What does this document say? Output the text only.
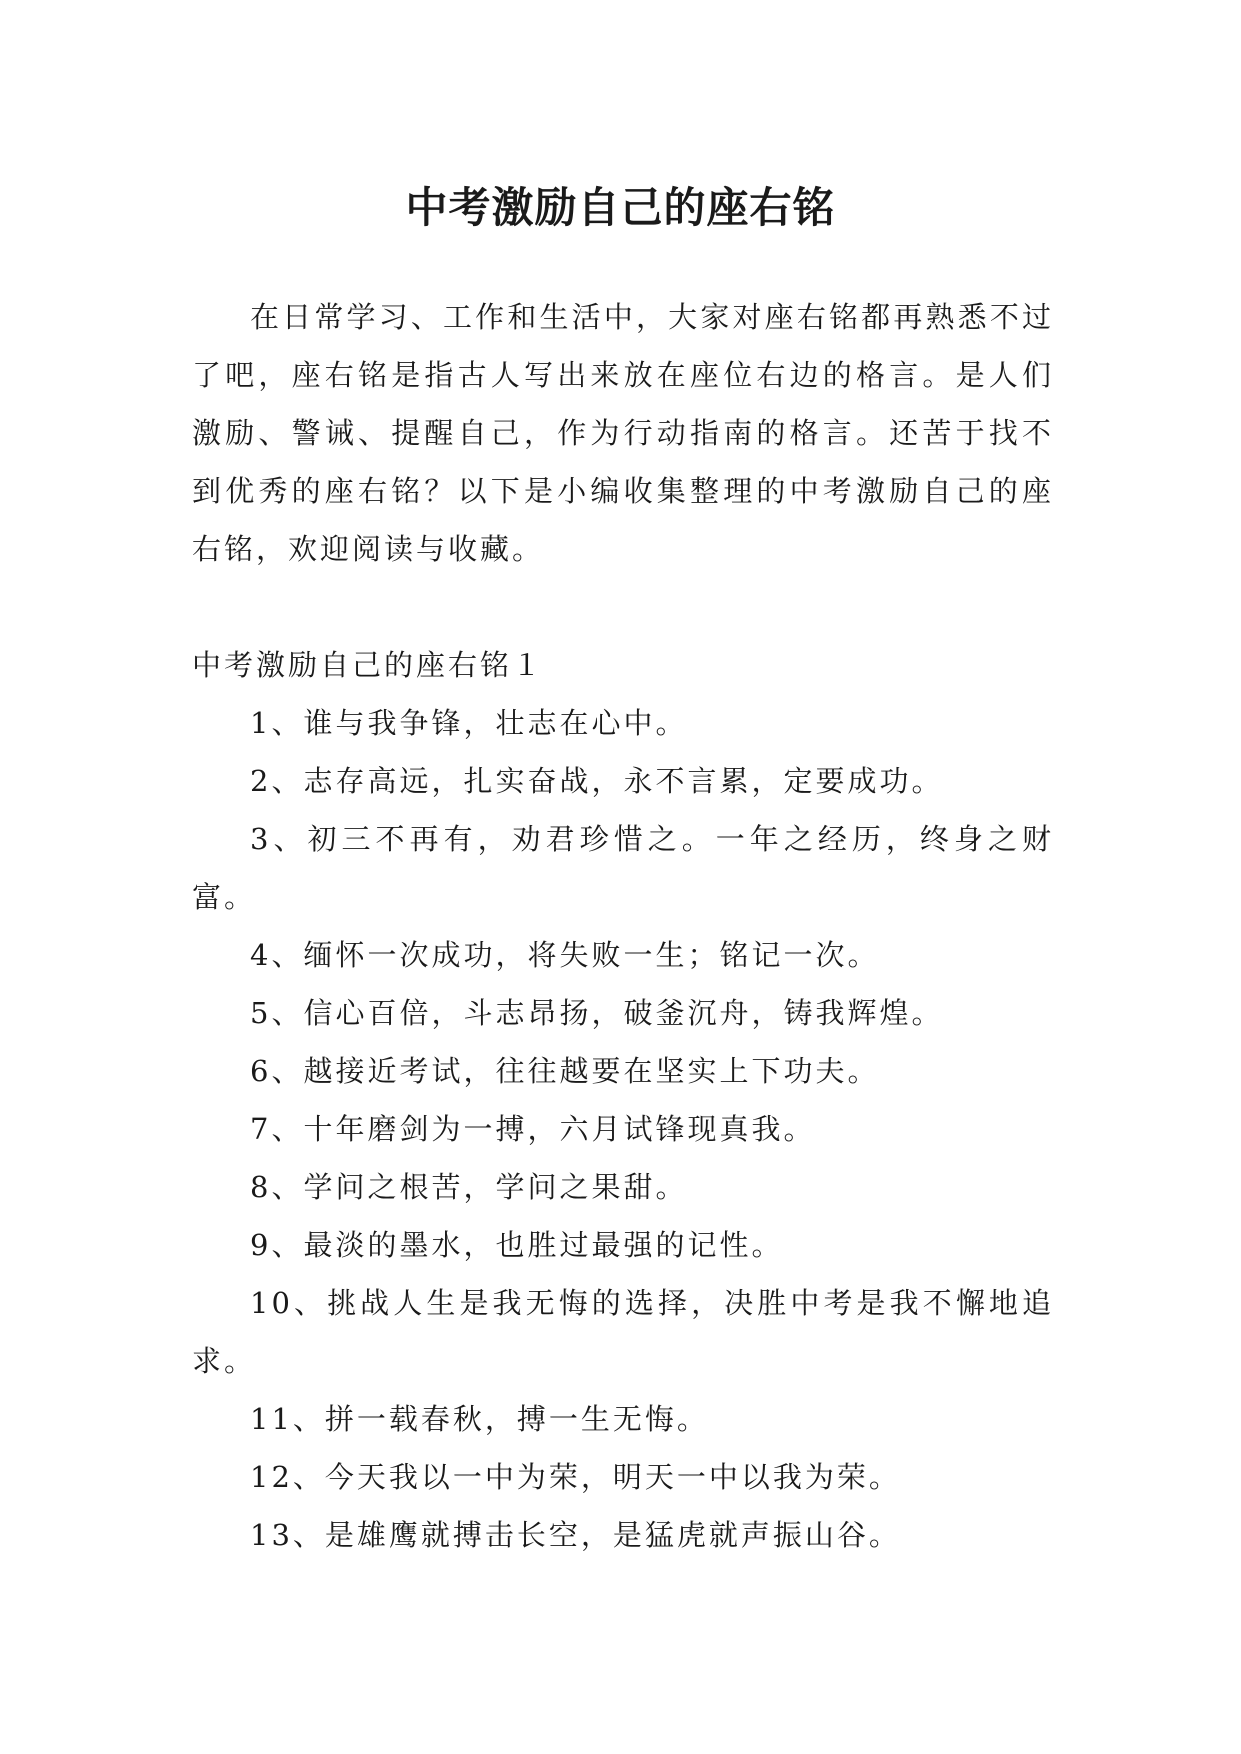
中考激励自己的座右铭

在日常学习、工作和生活中，大家对座右铭都再熟悉不过了吧，座右铭是指古人写出来放在座位右边的格言。是人们激励、警诫、提醒自己，作为行动指南的格言。还苦于找不到优秀的座右铭？以下是小编收集整理的中考激励自己的座右铭，欢迎阅读与收藏。

中考激励自己的座右铭１

1、谁与我争锋，壮志在心中。
2、志存高远，扎实奋战，永不言累，定要成功。
3、初三不再有，劝君珍惜之。一年之经历，终身之财富。
4、缅怀一次成功，将失败一生；铭记一次。
5、信心百倍，斗志昂扬，破釜沉舟，铸我辉煌。
6、越接近考试，往往越要在坚实上下功夫。
7、十年磨剑为一搏，六月试锋现真我。
8、学问之根苦，学问之果甜。
9、最淡的墨水，也胜过最强的记性。
10、挑战人生是我无悔的选择，决胜中考是我不懈地追求。
11、拼一载春秋，搏一生无悔。
12、今天我以一中为荣，明天一中以我为荣。
13、是雄鹰就搏击长空，是猛虎就声振山谷。
